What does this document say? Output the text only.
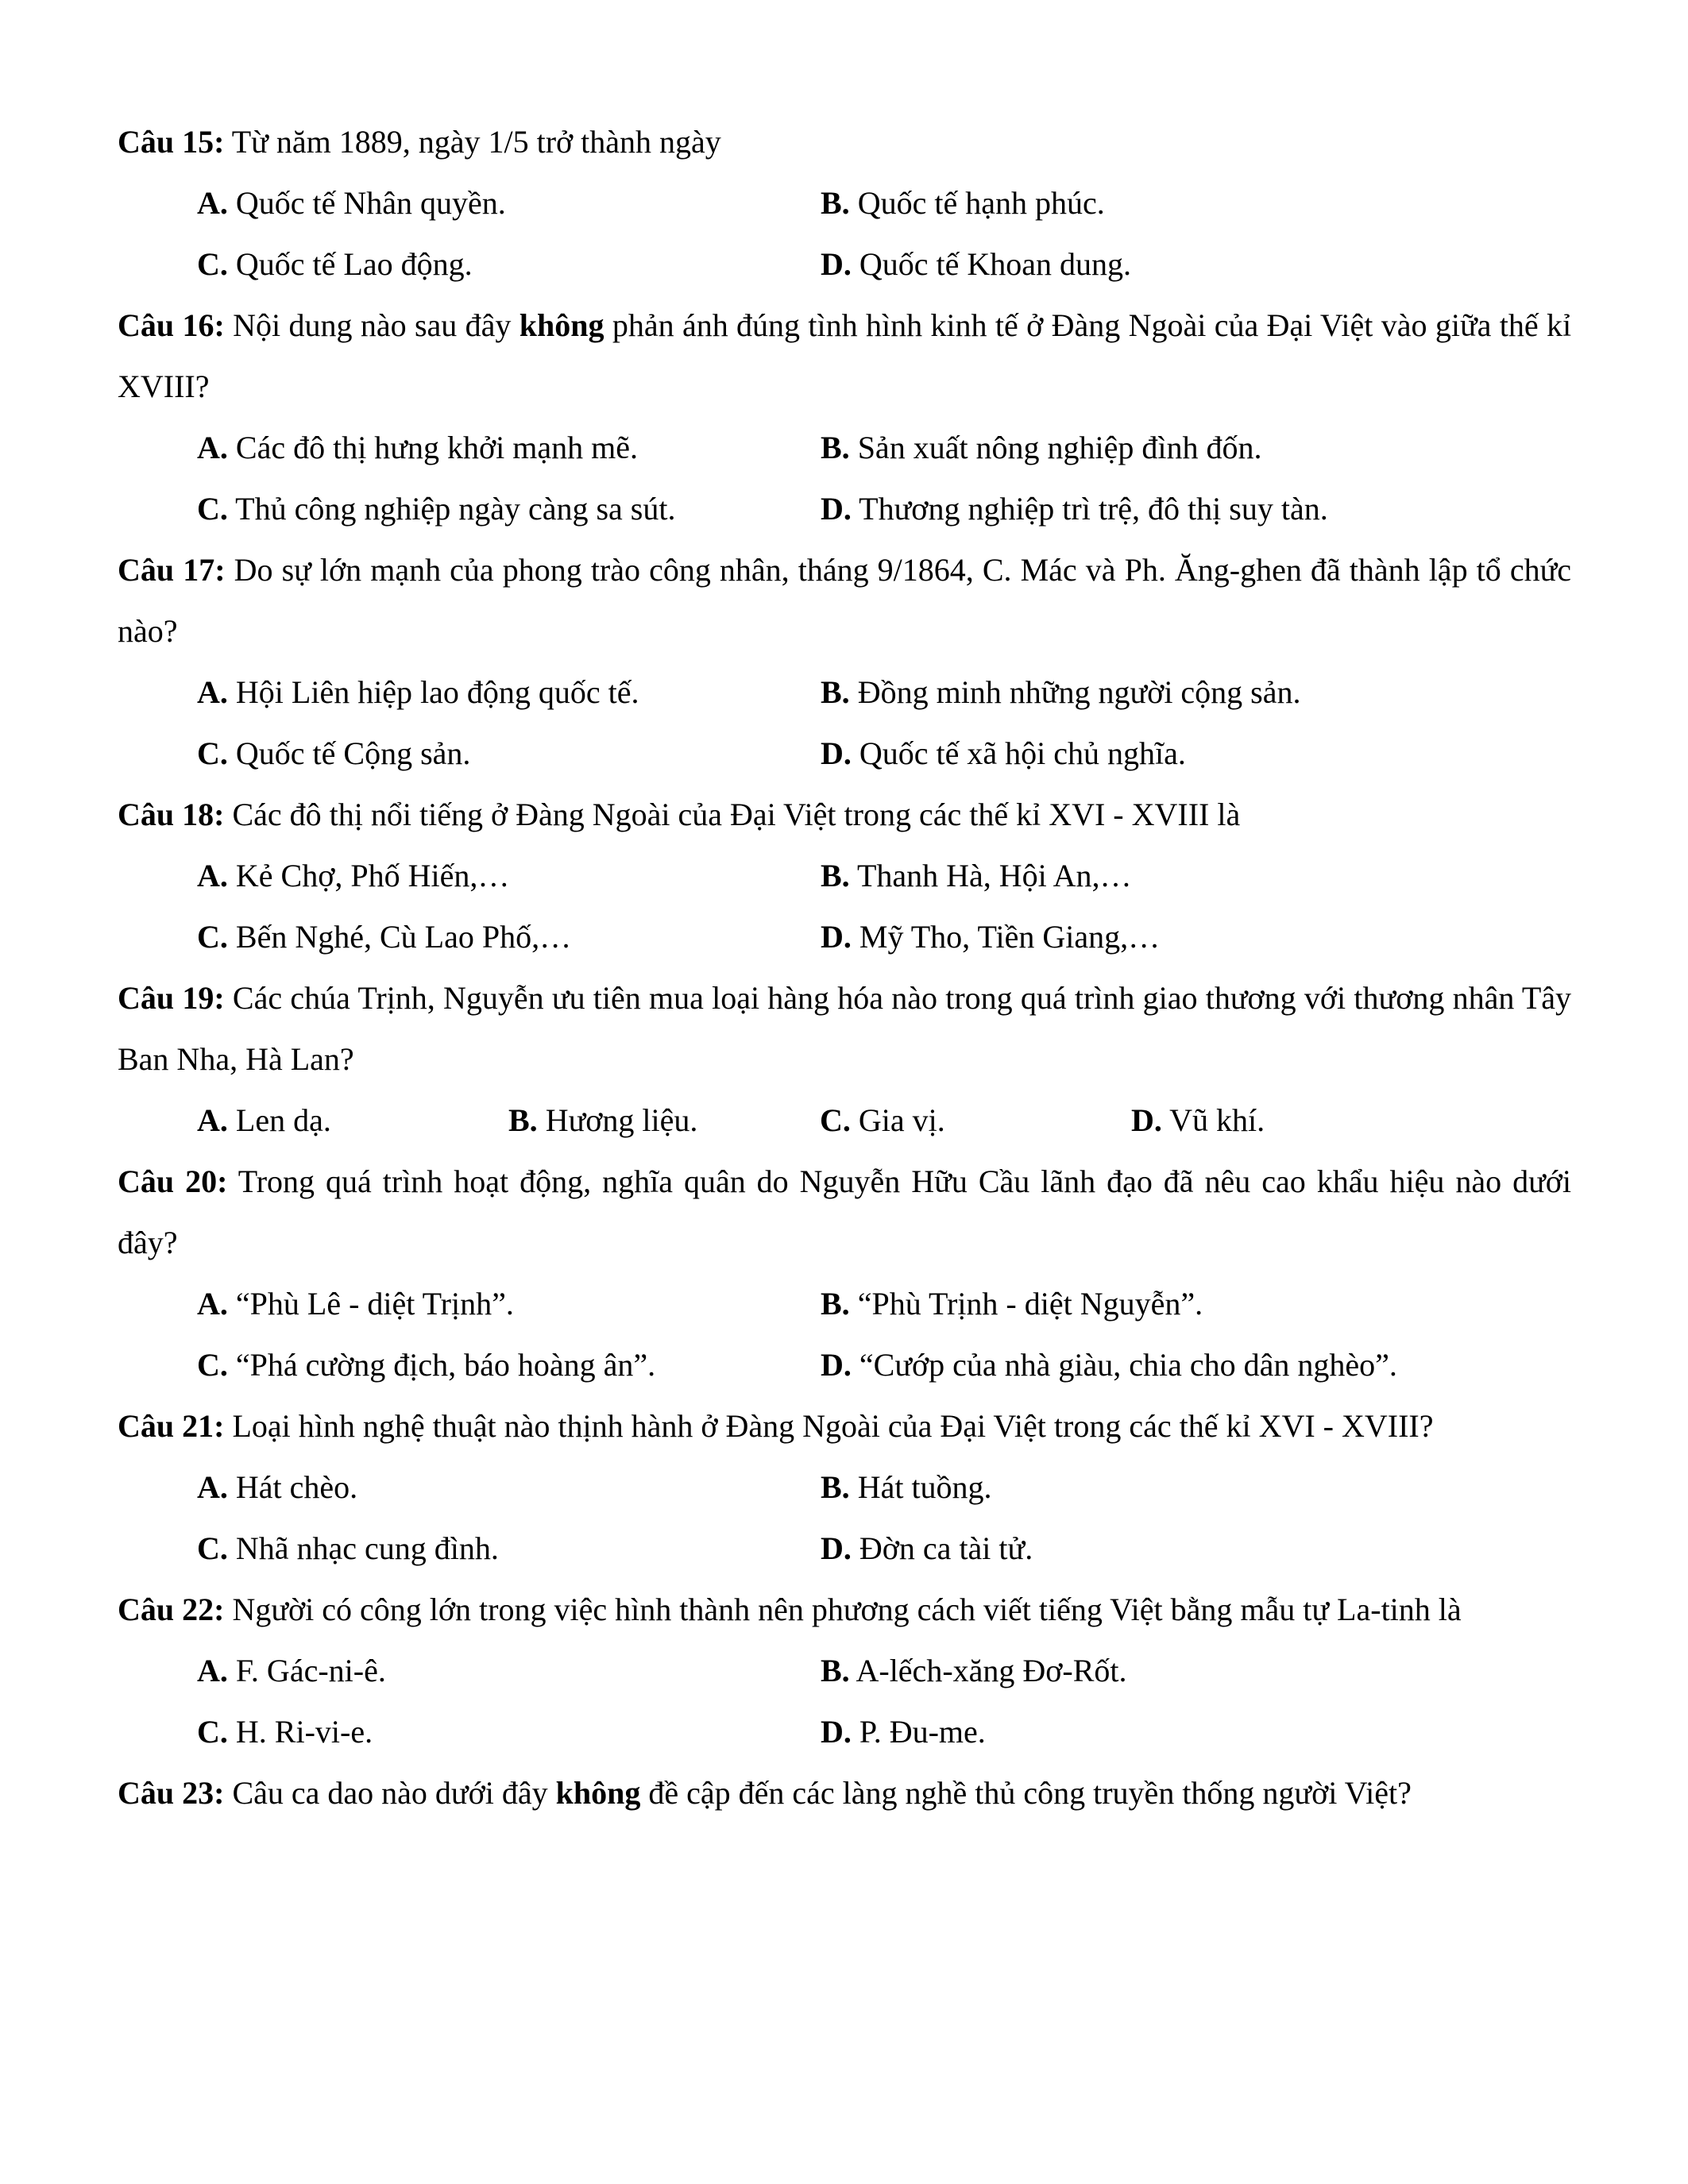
Câu 15: Từ năm 1889, ngày 1/5 trở thành ngày

A. Quốc tế Nhân quyền.	B. Quốc tế hạnh phúc.
C. Quốc tế Lao động.	D. Quốc tế Khoan dung.

Câu 16: Nội dung nào sau đây không phản ánh đúng tình hình kinh tế ở Đàng Ngoài của Đại Việt vào giữa thế kỉ XVIII?

A. Các đô thị hưng khởi mạnh mẽ.	B. Sản xuất nông nghiệp đình đốn.
C. Thủ công nghiệp ngày càng sa sút.	D. Thương nghiệp trì trệ, đô thị suy tàn.

Câu 17: Do sự lớn mạnh của phong trào công nhân, tháng 9/1864, C. Mác và Ph. Ăng-ghen đã thành lập tổ chức nào?

A. Hội Liên hiệp lao động quốc tế.	B. Đồng minh những người cộng sản.
C. Quốc tế Cộng sản.	D. Quốc tế xã hội chủ nghĩa.

Câu 18: Các đô thị nổi tiếng ở Đàng Ngoài của Đại Việt trong các thế kỉ XVI - XVIII là

A. Kẻ Chợ, Phố Hiến,…	B. Thanh Hà, Hội An,…
C. Bến Nghé, Cù Lao Phố,…	D. Mỹ Tho, Tiền Giang,…

Câu 19: Các chúa Trịnh, Nguyễn ưu tiên mua loại hàng hóa nào trong quá trình giao thương với thương nhân Tây Ban Nha, Hà Lan?

A. Len dạ.	B. Hương liệu.	C. Gia vị.	D. Vũ khí.

Câu 20: Trong quá trình hoạt động, nghĩa quân do Nguyễn Hữu Cầu lãnh đạo đã nêu cao khẩu hiệu nào dưới đây?

A. “Phù Lê - diệt Trịnh”.	B. “Phù Trịnh - diệt Nguyễn”.
C. “Phá cường địch, báo hoàng ân”.	D. “Cướp của nhà giàu, chia cho dân nghèo”.

Câu 21: Loại hình nghệ thuật nào thịnh hành ở Đàng Ngoài của Đại Việt trong các thế kỉ XVI - XVIII?

A. Hát chèo.	B. Hát tuồng.
C. Nhã nhạc cung đình.	D. Đờn ca tài tử.

Câu 22: Người có công lớn trong việc hình thành nên phương cách viết tiếng Việt bằng mẫu tự La-tinh là

A. F. Gác-ni-ê.	B. A-lếch-xăng Đơ-Rốt.
C. H. Ri-vi-e.	D. P. Đu-me.

Câu 23: Câu ca dao nào dưới đây không đề cập đến các làng nghề thủ công truyền thống người Việt?
